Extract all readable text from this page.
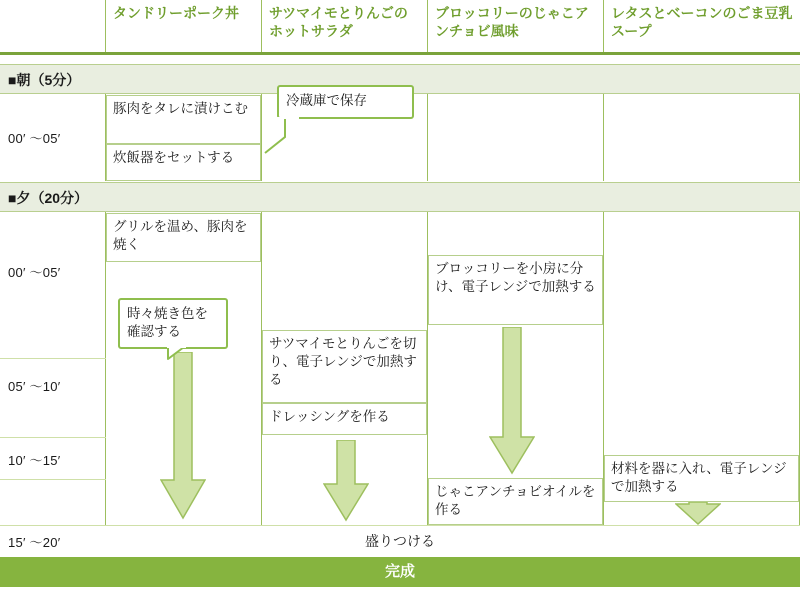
タンドリーポーク丼	サツマイモとりんごのホットサラダ
ブロッコリーのじゃこアンチョビ風味
レタスとベーコンのごま豆乳スープ
■朝（5分）
00′ ～05′
豚肉をタレに漬けこむ
炊飯器をセットする
冷蔵庫で保存
■夕（20分）
00′ ～05′
05′ ～10′
10′ ～15′
15′ ～20′
グリルを温め、豚肉を焼く
サツマイモとりんごを切り、電子レンジで加熱する
ドレッシングを作る
ブロッコリーを小房に分け、電子レンジで加熱する
じゃこアンチョビオイルを作る
材料を器に入れ、電子レンジで加熱する
時々焼き色を確認する
盛りつける
完成
